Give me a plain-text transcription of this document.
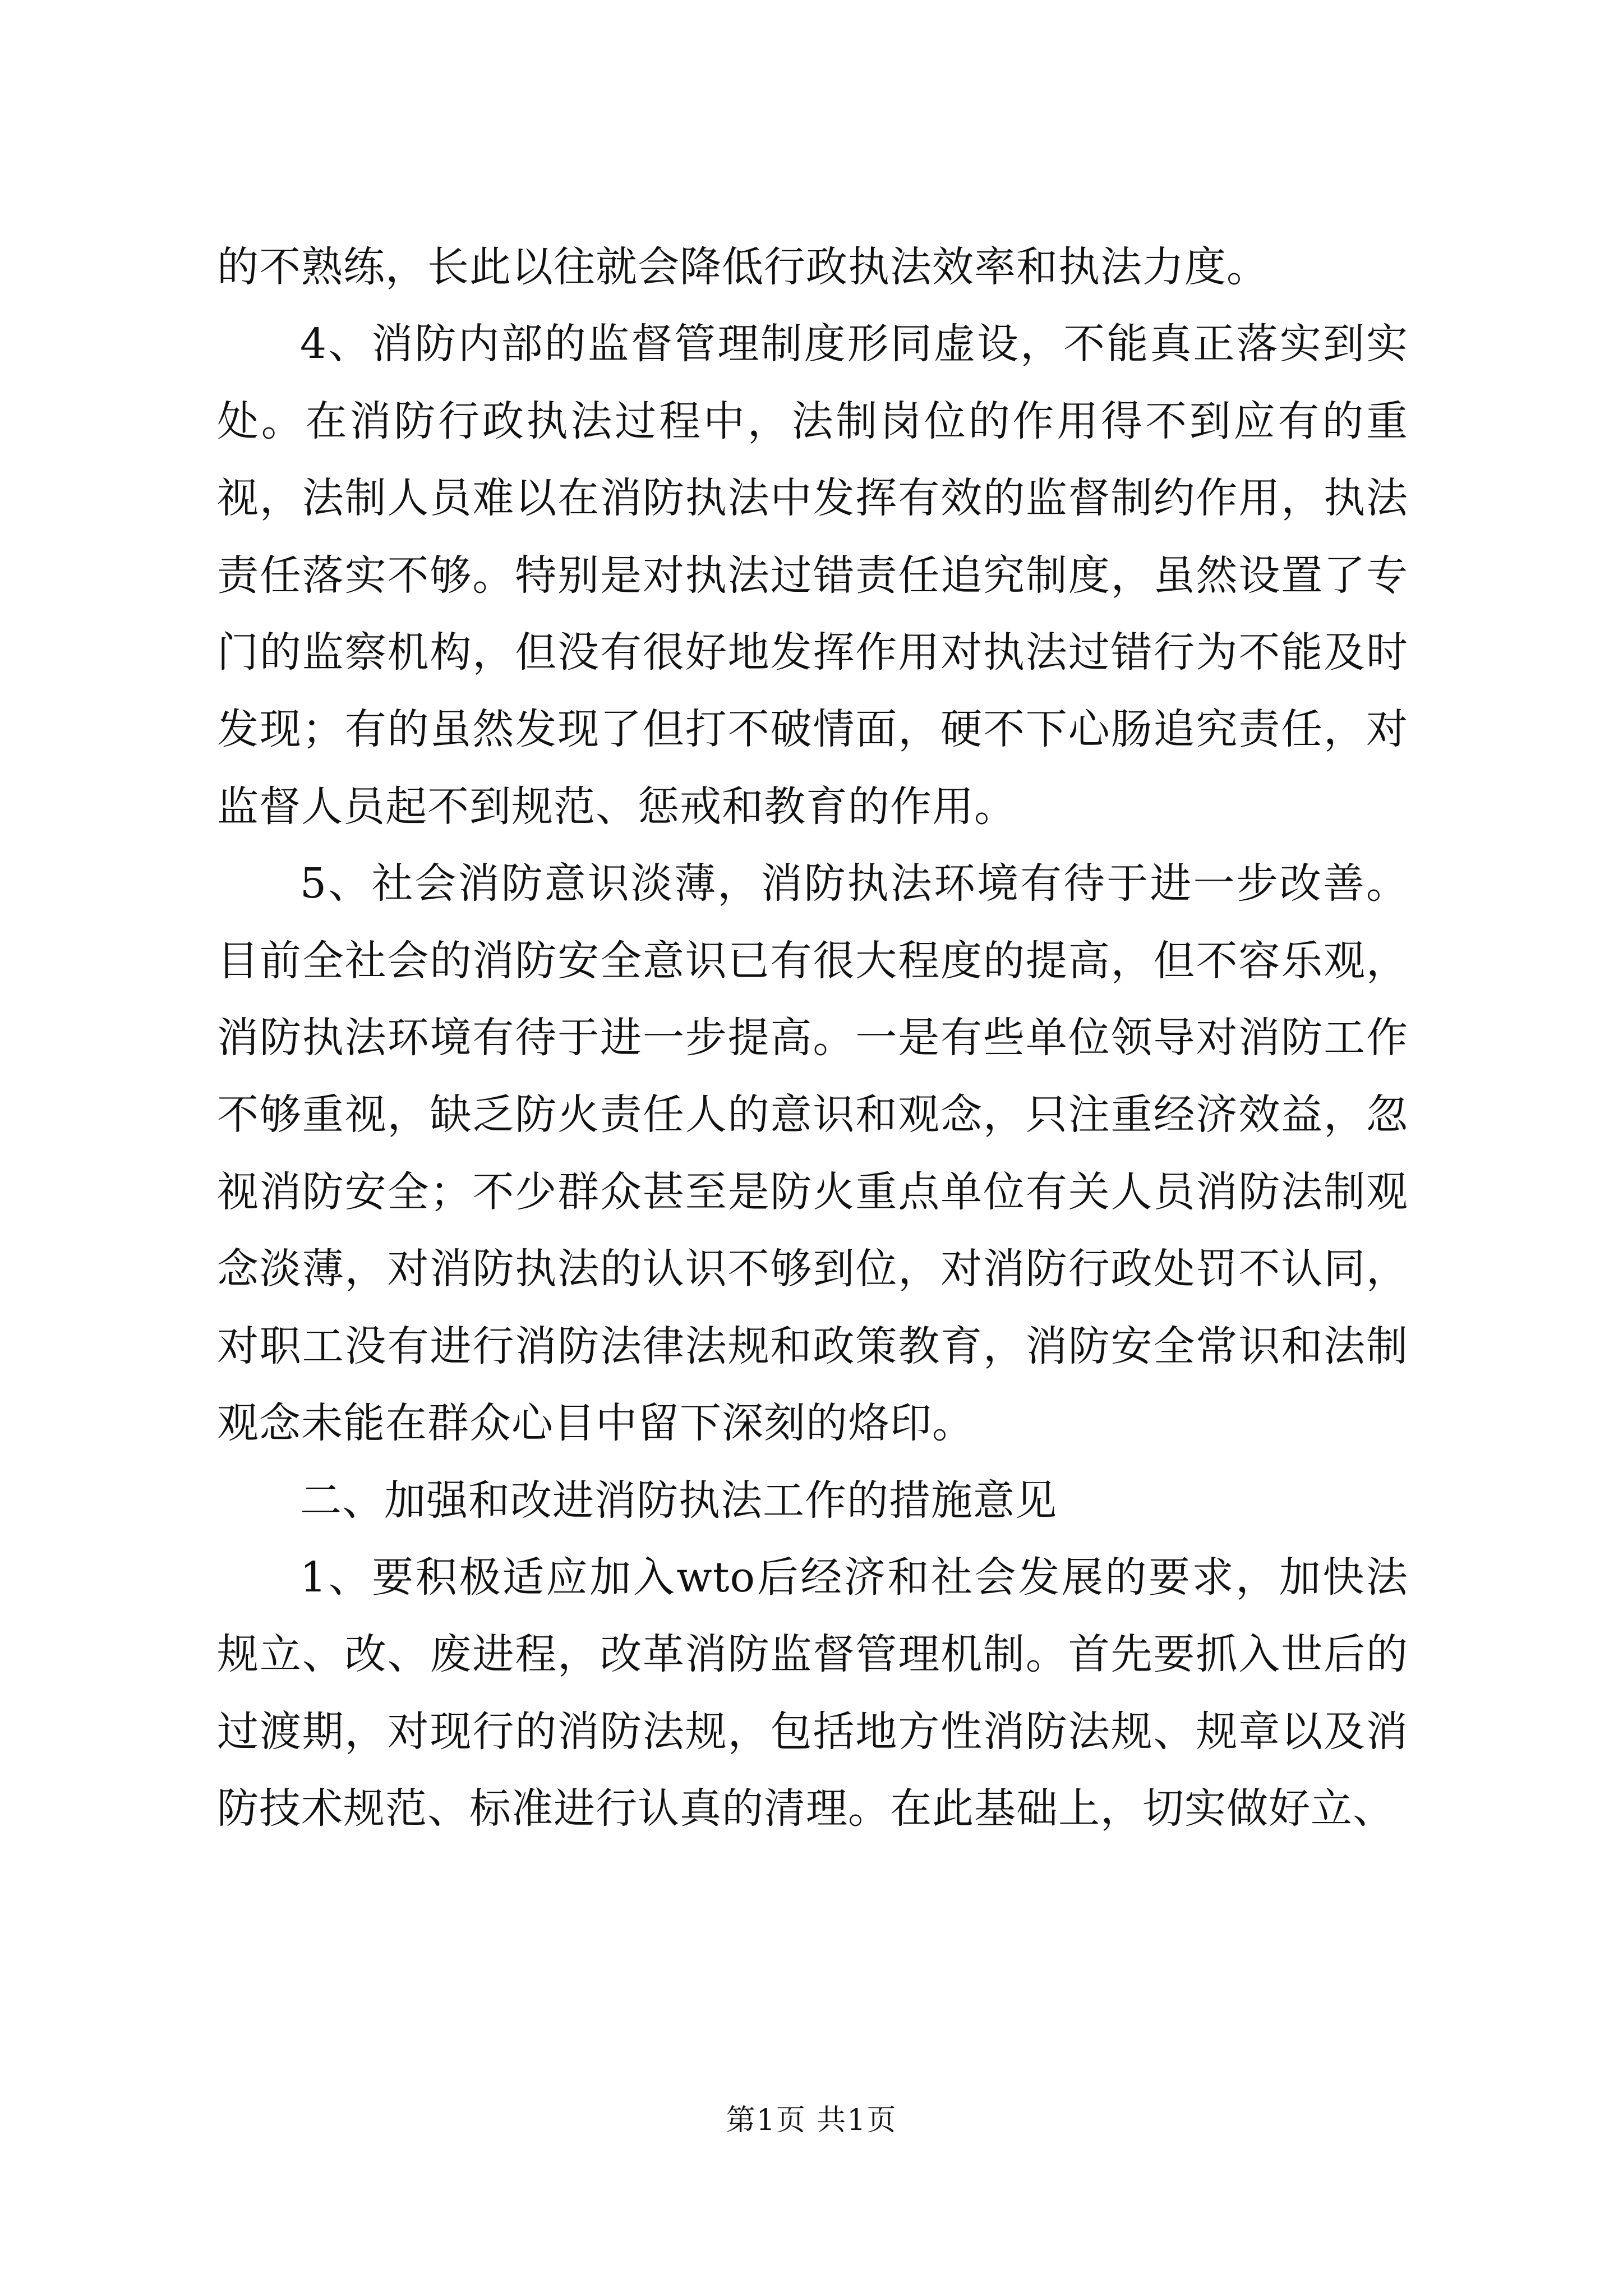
的不熟练，长此以往就会降低行政执法效率和执法力度。

4、消防内部的监督管理制度形同虚设，不能真正落实到实处。在消防行政执法过程中，法制岗位的作用得不到应有的重视，法制人员难以在消防执法中发挥有效的监督制约作用，执法责任落实不够。特别是对执法过错责任追究制度，虽然设置了专门的监察机构，但没有很好地发挥作用对执法过错行为不能及时发现；有的虽然发现了但打不破情面，硬不下心肠追究责任，对监督人员起不到规范、惩戒和教育的作用。

5、社会消防意识淡薄，消防执法环境有待于进一步改善。目前全社会的消防安全意识已有很大程度的提高，但不容乐观，消防执法环境有待于进一步提高。一是有些单位领导对消防工作不够重视，缺乏防火责任人的意识和观念，只注重经济效益，忽视消防安全；不少群众甚至是防火重点单位有关人员消防法制观念淡薄，对消防执法的认识不够到位，对消防行政处罚不认同，对职工没有进行消防法律法规和政策教育，消防安全常识和法制观念未能在群众心目中留下深刻的烙印。

二、加强和改进消防执法工作的措施意见

1、要积极适应加入wto后经济和社会发展的要求，加快法规立、改、废进程，改革消防监督管理机制。首先要抓入世后的过渡期，对现行的消防法规，包括地方性消防法规、规章以及消防技术规范、标准进行认真的清理。在此基础上，切实做好立、

第1页 共1页
